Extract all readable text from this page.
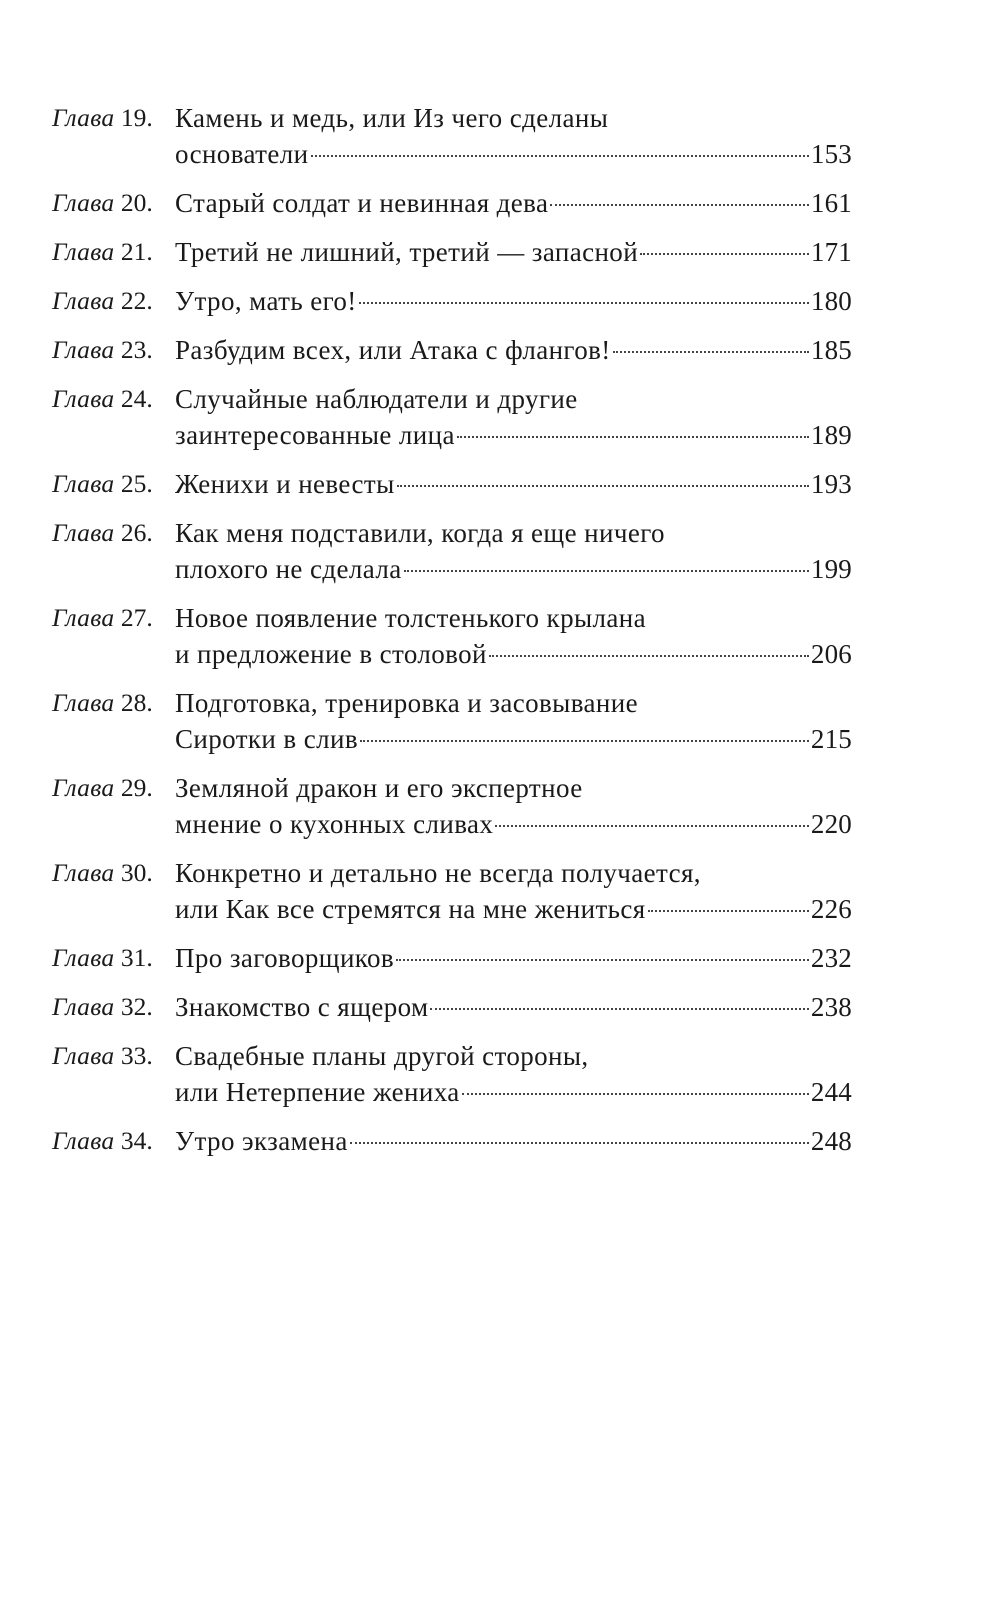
Глава 19. Камень и медь, или Из чего сделаны
основатели	153
Глава 20. Старый солдат и невинная дева	161
Глава 21. Третий не лишний, третий — запасной	171
Глава 22. Утро, мать его!	180
Глава 23. Разбудим всех, или Атака с флангов!	185
Глава 24. Случайные наблюдатели и другие
заинтересованные лица	189
Глава 25. Женихи и невесты	193
Глава 26. Как меня подставили, когда я еще ничего
плохого не сделала	199
Глава 27. Новое появление толстенького крылана
и предложение в столовой	206
Глава 28. Подготовка, тренировка и засовывание
Сиротки в слив	215
Глава 29. Земляной дракон и его экспертное
мнение о кухонных сливах	220
Глава 30. Конкретно и детально не всегда получается,
или Как все стремятся на мне жениться	226
Глава 31. Про заговорщиков	232
Глава 32. Знакомство с ящером	238
Глава 33. Свадебные планы другой стороны,
или Нетерпение жениха	244
Глава 34. Утро экзамена	248
